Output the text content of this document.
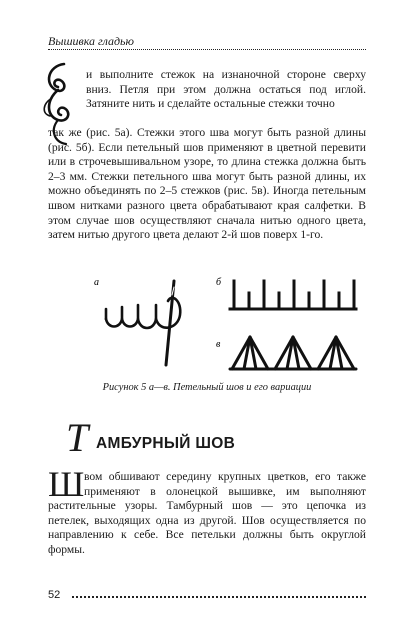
Вышивка гладью

и выполните стежок на изнаночной стороне сверху вниз. Петля при этом должна остаться под иглой. Затяните нить и сделайте остальные стежки точно

так же (рис. 5а). Стежки этого шва могут быть разной длины (рис. 5б). Если петельный шов применяют в цветной перевити или в строчевышивальном узоре, то длина стежка должна быть 2–3 мм. Стежки петельного шва могут быть разной длины, их можно объединять по 2–5 стежков (рис. 5в). Иногда петельным швом нитками разного цвета обрабатывают края салфетки. В этом случае шов осуществляют сначала нитью одного цвета, затем нитью другого цвета делают 2-й шов поверх 1-го.

а	б
в
Рисунок 5 а—в. Петельный шов и его вариации
Т АМБУРНЫЙ ШОВ
Ш вом обшивают середину крупных цветков, его также применяют в олонецкой вышивке, им выполняют растительные узоры. Тамбурный шов — это цепочка из петелек, выходящих одна из другой. Шов осуществляется по направлению к себе. Все петельки должны быть округлой формы.

52
